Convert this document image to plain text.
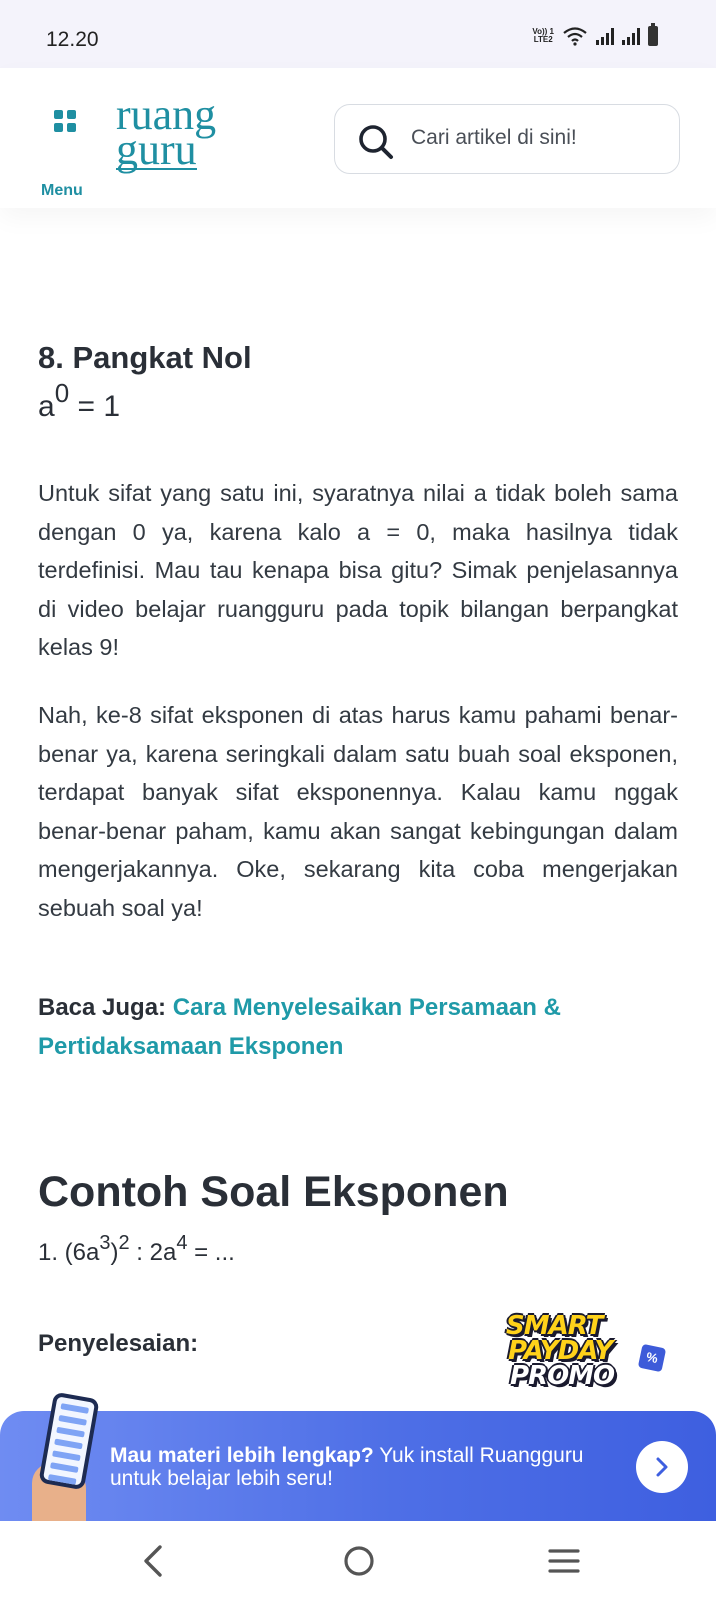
12.20	Vo)) 1
LTE2
Menu
ruang
guru
Cari artikel di sini!
8. Pangkat Nol
$a^0 = 1$

Untuk sifat yang satu ini, syaratnya nilai a tidak boleh sama dengan 0 ya, karena kalo a = 0, maka hasilnya tidak terdefinisi. Mau tau kenapa bisa gitu? Simak penjelasannya di video belajar ruangguru pada topik bilangan berpangkat kelas 9!

Nah, ke-8 sifat eksponen di atas harus kamu pahami benar-benar ya, karena seringkali dalam satu buah soal eksponen, terdapat banyak sifat eksponennya. Kalau kamu nggak benar-benar paham, kamu akan sangat kebingungan dalam mengerjakannya. Oke, sekarang kita coba mengerjakan sebuah soal ya!

Baca Juga: Cara Menyelesaikan Persamaan & Pertidaksamaan Eksponen

Contoh Soal Eksponen
1. $(6a^3)^2$ : $2a^4$ = ...
Penyelesaian:
SMART
PAYDAY
PROMO
%
Mau materi lebih lengkap? Yuk install Ruangguru untuk belajar lebih seru!
